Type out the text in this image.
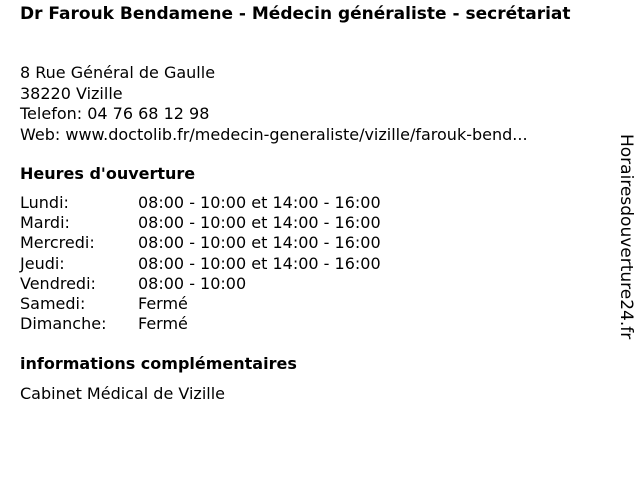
Dr Farouk Bendamene - Médecin généraliste - secrétariat
8 Rue Général de Gaulle
38220 Vizille
Telefon: 04 76 68 12 98
Web: www.doctolib.fr/medecin-generaliste/vizille/farouk-bend...
Heures d'ouverture
Lundi:	08:00 - 10:00 et 14:00 - 16:00
Mardi:	08:00 - 10:00 et 14:00 - 16:00
Mercredi:	08:00 - 10:00 et 14:00 - 16:00
Jeudi:	08:00 - 10:00 et 14:00 - 16:00
Vendredi:	08:00 - 10:00
Samedi:	Fermé
Dimanche:	Fermé
informations complémentaires
Cabinet Médical de Vizille
Horairesdouverture24.fr
